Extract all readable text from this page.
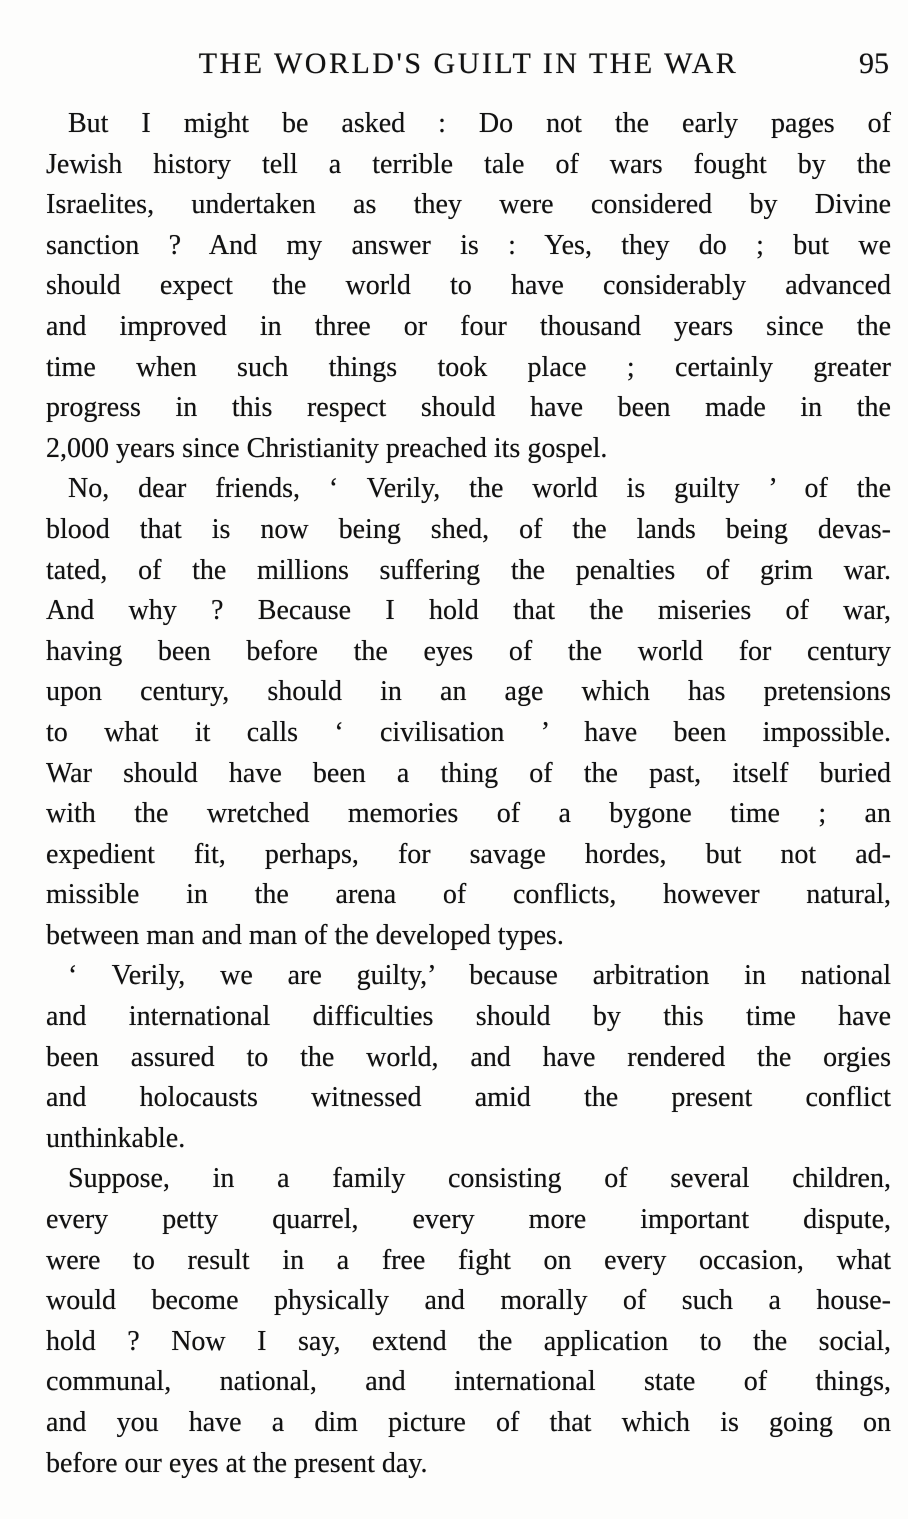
THE WORLD'S GUILT IN THE WAR	95
But I might be asked : Do not the early pages of
Jewish history tell a terrible tale of wars fought by the
Israelites, undertaken as they were considered by Divine
sanction ? And my answer is : Yes, they do ; but we
should expect the world to have considerably advanced
and improved in three or four thousand years since the
time when such things took place ; certainly greater
progress in this respect should have been made in the
2,000 years since Christianity preached its gospel.
No, dear friends, ‘ Verily, the world is guilty ’ of the
blood that is now being shed, of the lands being devas-
tated, of the millions suffering the penalties of grim war.
And why ? Because I hold that the miseries of war,
having been before the eyes of the world for century
upon century, should in an age which has pretensions
to what it calls ‘ civilisation ’ have been impossible.
War should have been a thing of the past, itself buried
with the wretched memories of a bygone time ; an
expedient fit, perhaps, for savage hordes, but not ad-
missible in the arena of conflicts, however natural,
between man and man of the developed types.
‘ Verily, we are guilty,’ because arbitration in national
and international difficulties should by this time have
been assured to the world, and have rendered the orgies
and holocausts witnessed amid the present conflict
unthinkable.
Suppose, in a family consisting of several children,
every petty quarrel, every more important dispute,
were to result in a free fight on every occasion, what
would become physically and morally of such a house-
hold ? Now I say, extend the application to the social,
communal, national, and international state of things,
and you have a dim picture of that which is going on
before our eyes at the present day.
